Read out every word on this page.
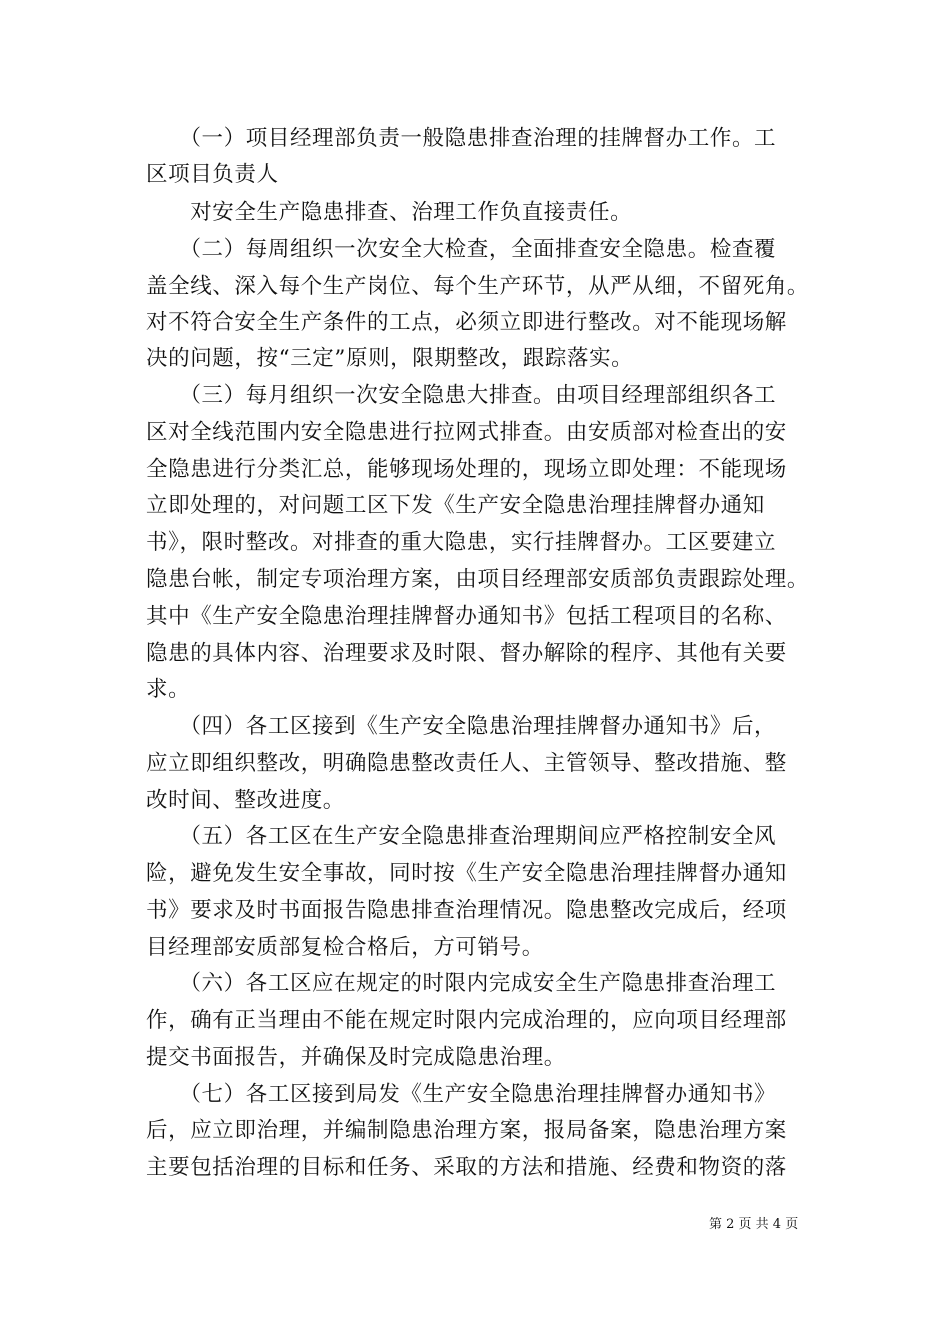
　　（一）项目经理部负责一般隐患排查治理的挂牌督办工作。工
区项目负责人
　　对安全生产隐患排查、治理工作负直接责任。
　　（二）每周组织一次安全大检查，全面排查安全隐患。检查覆
盖全线、深入每个生产岗位、每个生产环节，从严从细，不留死角。
对不符合安全生产条件的工点，必须立即进行整改。对不能现场解
决的问题，按“三定”原则，限期整改，跟踪落实。
　　（三）每月组织一次安全隐患大排查。由项目经理部组织各工
区对全线范围内安全隐患进行拉网式排查。由安质部对检查出的安
全隐患进行分类汇总，能够现场处理的，现场立即处理：不能现场
立即处理的，对问题工区下发《生产安全隐患治理挂牌督办通知
书》，限时整改。对排查的重大隐患，实行挂牌督办。工区要建立
隐患台帐，制定专项治理方案，由项目经理部安质部负责跟踪处理。
其中《生产安全隐患治理挂牌督办通知书》包括工程项目的名称、
隐患的具体内容、治理要求及时限、督办解除的程序、其他有关要
求。
　　（四）各工区接到《生产安全隐患治理挂牌督办通知书》后，
应立即组织整改，明确隐患整改责任人、主管领导、整改措施、整
改时间、整改进度。
　　（五）各工区在生产安全隐患排查治理期间应严格控制安全风
险，避免发生安全事故，同时按《生产安全隐患治理挂牌督办通知
书》要求及时书面报告隐患排查治理情况。隐患整改完成后，经项
目经理部安质部复检合格后，方可销号。
　　（六）各工区应在规定的时限内完成安全生产隐患排查治理工
作，确有正当理由不能在规定时限内完成治理的，应向项目经理部
提交书面报告，并确保及时完成隐患治理。
　　（七）各工区接到局发《生产安全隐患治理挂牌督办通知书》
后，应立即治理，并编制隐患治理方案，报局备案，隐患治理方案
主要包括治理的目标和任务、采取的方法和措施、经费和物资的落
第 2 页 共 4 页
